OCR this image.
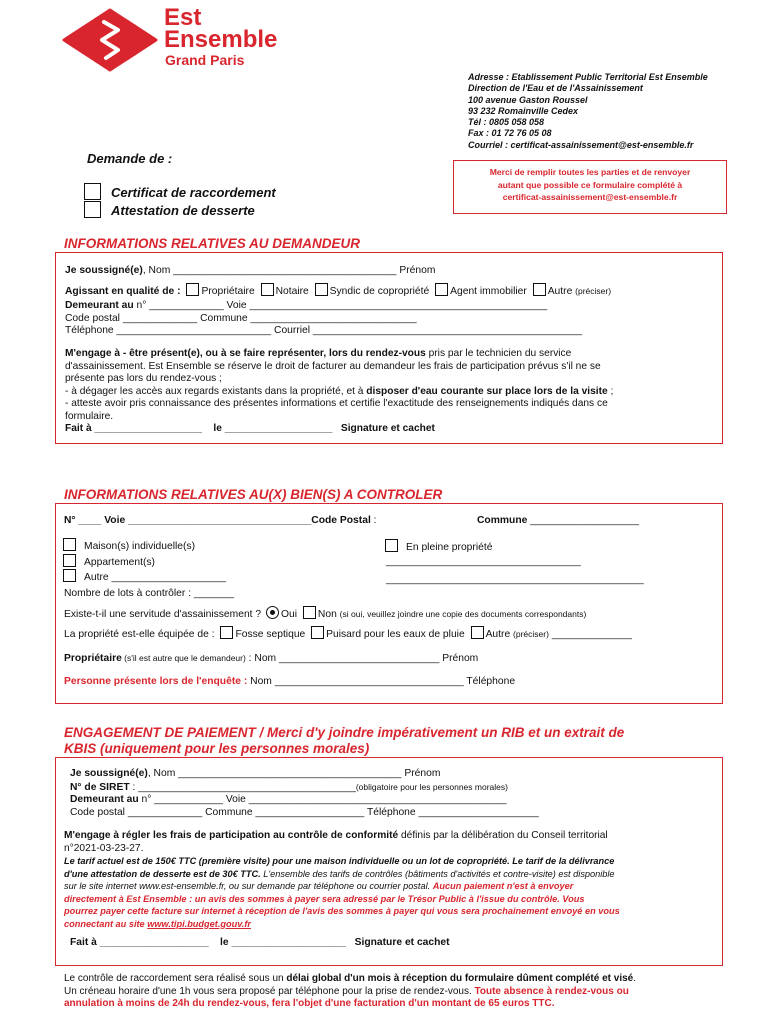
Est
Ensemble
Grand Paris
Adresse : Etablissement Public Territorial Est Ensemble
Direction de l'Eau et de l'Assainissement
100 avenue Gaston Roussel
93 232 Romainville Cedex
Tél : 0805 058 058
Fax : 01 72 76 05 08
Courriel : certificat-assainissement@est-ensemble.fr
Demande de :
Certificat de raccordement
Attestation de desserte
Merci de remplir toutes les parties et de renvoyer
autant que possible ce formulaire complété à
certificat-assainissement@est-ensemble.fr
INFORMATIONS RELATIVES AU DEMANDEUR
Je soussigné(e), Nom _______________________________________ Prénom
Agissant en qualité de : Propriétaire Notaire Syndic de copropriété Agent immobilier Autre (préciser)
Demeurant au n° _____________ Voie ____________________________________________________
Code postal _____________ Commune _____________________________
Téléphone ___________________________ Courriel _______________________________________________
M'engage à - être présent(e), ou à se faire représenter, lors du rendez-vous pris par le technicien du service
d'assainissement. Est Ensemble se réserve le droit de facturer au demandeur les frais de participation prévus s'il ne se
présente pas lors du rendez-vous ;
- à dégager les accès aux regards existants dans la propriété, et à disposer d'eau courante sur place lors de la visite ;
- atteste avoir pris connaissance des présentes informations et certifie l'exactitude des renseignements indiqués dans ce
formulaire.
Fait à ___________________ le ___________________ Signature et cachet
INFORMATIONS RELATIVES AU(X) BIEN(S) A CONTROLER
N° ____ Voie ________________________________Code Postal :	Commune ___________________
Maison(s) individuelle(s)
Appartement(s)
Autre ____________________
En pleine propriété
__________________________________
_____________________________________________
Nombre de lots à contrôler : _______
Existe-t-il une servitude d'assainissement ? Oui Non (si oui, veuillez joindre une copie des documents correspondants)
La propriété est-elle équipée de : Fosse septique Puisard pour les eaux de pluie Autre (préciser) ______________
Propriétaire (s'il est autre que le demandeur) : Nom ____________________________ Prénom
Personne présente lors de l'enquête : Nom _________________________________ Téléphone
ENGAGEMENT DE PAIEMENT / Merci d'y joindre impérativement un RIB et un extrait de
KBIS (uniquement pour les personnes morales)
Je soussigné(e), Nom _______________________________________ Prénom
N° de SIRET : ______________________________________(obligatoire pour les personnes morales)
Demeurant au n° ____________ Voie _____________________________________________
Code postal _____________ Commune ___________________ Téléphone _____________________
M'engage à régler les frais de participation au contrôle de conformité définis par la délibération du Conseil territorial
n°2021-03-23-27.
Le tarif actuel est de 150€ TTC (première visite) pour une maison individuelle ou un lot de copropriété. Le tarif de la délivrance
d'une attestation de desserte est de 30€ TTC. L'ensemble des tarifs de contrôles (bâtiments d'activités et contre-visite) est disponible
sur le site internet www.est-ensemble.fr, ou sur demande par téléphone ou courrier postal. Aucun paiement n'est à envoyer
directement à Est Ensemble : un avis des sommes à payer sera adressé par le Trésor Public à l'issue du contrôle. Vous
pourrez payer cette facture sur internet à réception de l'avis des sommes à payer qui vous sera prochainement envoyé en vous
connectant au site www.tipi.budget.gouv.fr
Fait à ___________________ le ____________________ Signature et cachet
Le contrôle de raccordement sera réalisé sous un délai global d'un mois à réception du formulaire dûment complété et visé.
Un créneau horaire d'une 1h vous sera proposé par téléphone pour la prise de rendez-vous. Toute absence à rendez-vous ou
annulation à moins de 24h du rendez-vous, fera l'objet d'une facturation d'un montant de 65 euros TTC.
